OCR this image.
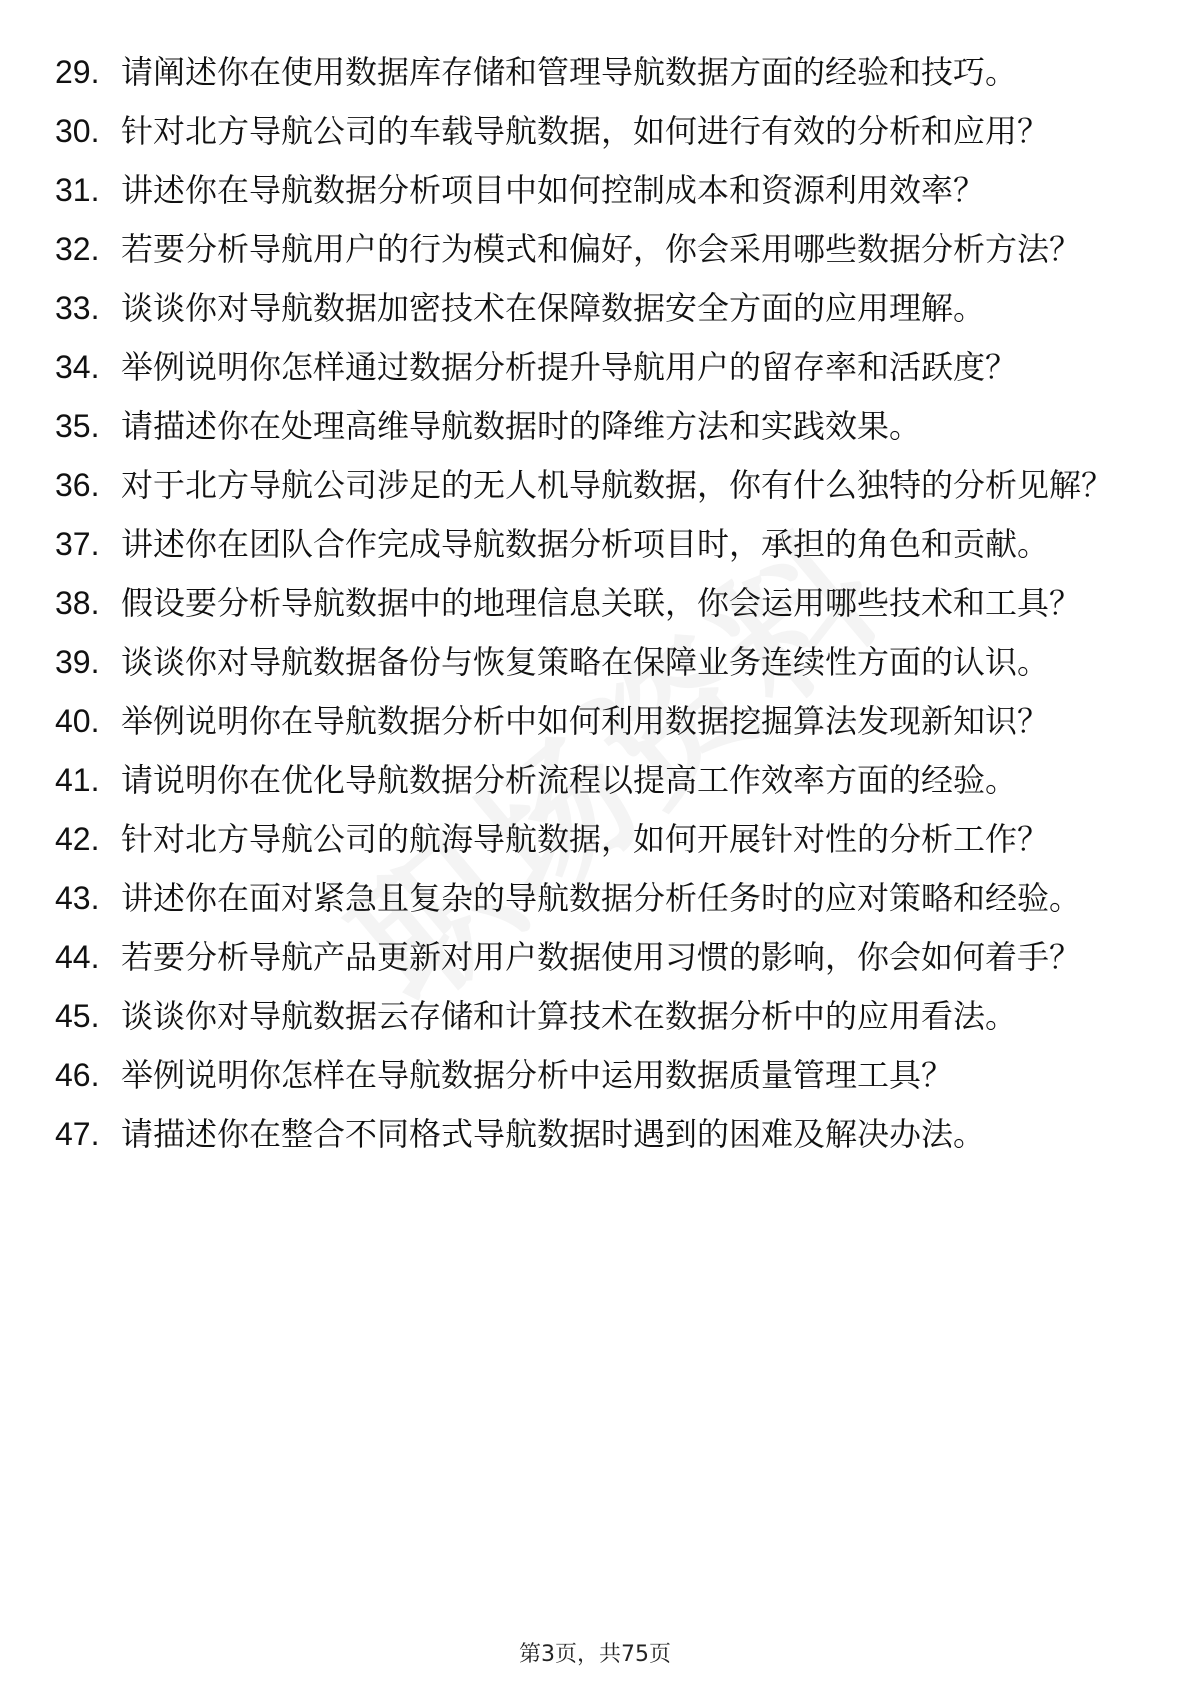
29. 请阐述你在使用数据库存储和管理导航数据方面的经验和技巧。
30. 针对北方导航公司的车载导航数据，如何进行有效的分析和应用？
31. 讲述你在导航数据分析项目中如何控制成本和资源利用效率？
32. 若要分析导航用户的行为模式和偏好，你会采用哪些数据分析方法？
33. 谈谈你对导航数据加密技术在保障数据安全方面的应用理解。
34. 举例说明你怎样通过数据分析提升导航用户的留存率和活跃度？
35. 请描述你在处理高维导航数据时的降维方法和实践效果。
36. 对于北方导航公司涉足的无人机导航数据，你有什么独特的分析见解？
37. 讲述你在团队合作完成导航数据分析项目时，承担的角色和贡献。
38. 假设要分析导航数据中的地理信息关联，你会运用哪些技术和工具？
39. 谈谈你对导航数据备份与恢复策略在保障业务连续性方面的认识。
40. 举例说明你在导航数据分析中如何利用数据挖掘算法发现新知识？
41. 请说明你在优化导航数据分析流程以提高工作效率方面的经验。
42. 针对北方导航公司的航海导航数据，如何开展针对性的分析工作？
43. 讲述你在面对紧急且复杂的导航数据分析任务时的应对策略和经验。
44. 若要分析导航产品更新对用户数据使用习惯的影响，你会如何着手？
45. 谈谈你对导航数据云存储和计算技术在数据分析中的应用看法。
46. 举例说明你怎样在导航数据分析中运用数据质量管理工具？
47. 请描述你在整合不同格式导航数据时遇到的困难及解决办法。
第3页，共75页
